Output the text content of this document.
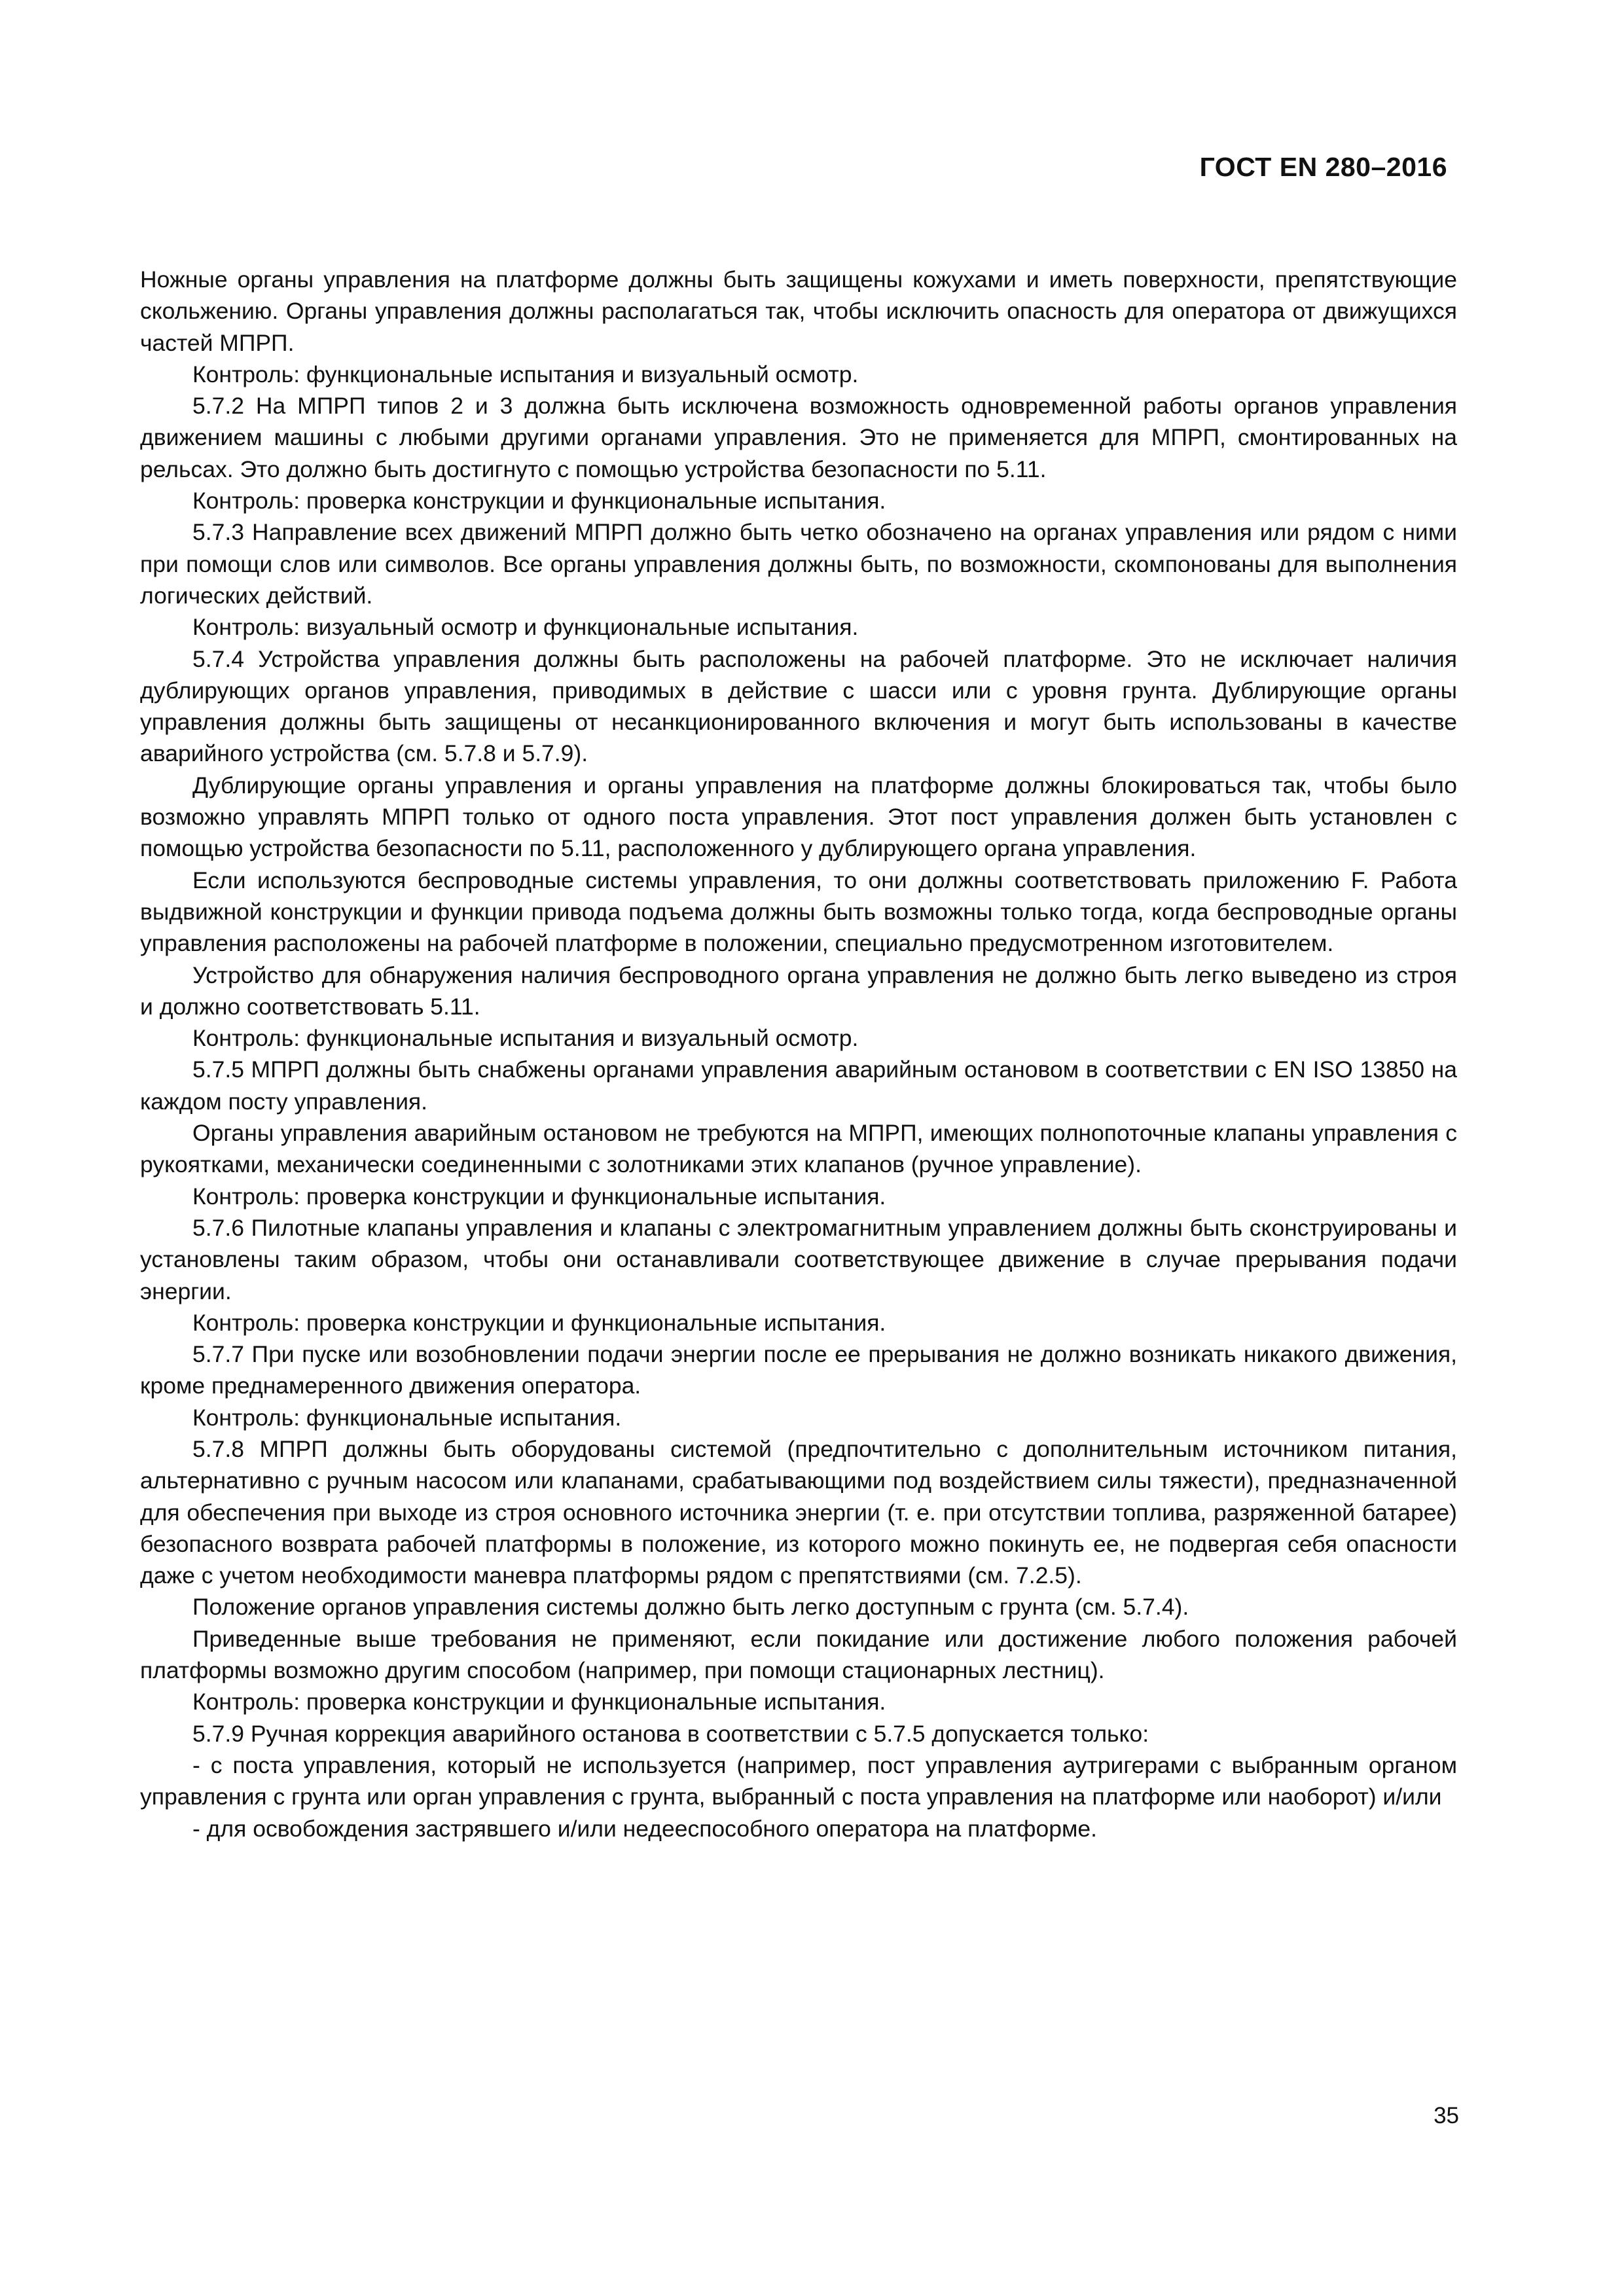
ГОСТ EN 280–2016

Ножные органы управления на платформе должны быть защищены кожухами и иметь поверхности, препятствующие скольжению. Органы управления должны располагаться так, чтобы исключить опасность для оператора от движущихся частей МПРП.

Контроль: функциональные испытания и визуальный осмотр.

5.7.2 На МПРП типов 2 и 3 должна быть исключена возможность одновременной работы органов управления движением машины с любыми другими органами управления. Это не применяется для МПРП, смонтированных на рельсах. Это должно быть достигнуто с помощью устройства безопасности по 5.11.

Контроль: проверка конструкции и функциональные испытания.

5.7.3 Направление всех движений МПРП должно быть четко обозначено на органах управления или рядом с ними при помощи слов или символов. Все органы управления должны быть, по возможности, скомпонованы для выполнения логических действий.

Контроль: визуальный осмотр и функциональные испытания.

5.7.4 Устройства управления должны быть расположены на рабочей платформе. Это не исключает наличия дублирующих органов управления, приводимых в действие с шасси или с уровня грунта. Дублирующие органы управления должны быть защищены от несанкционированного включения и могут быть использованы в качестве аварийного устройства (см. 5.7.8 и 5.7.9).

Дублирующие органы управления и органы управления на платформе должны блокироваться так, чтобы было возможно управлять МПРП только от одного поста управления. Этот пост управления должен быть установлен с помощью устройства безопасности по 5.11, расположенного у дублирующего органа управления.

Если используются беспроводные системы управления, то они должны соответствовать приложению F. Работа выдвижной конструкции и функции привода подъема должны быть возможны только тогда, когда беспроводные органы управления расположены на рабочей платформе в положении, специально предусмотренном изготовителем.

Устройство для обнаружения наличия беспроводного органа управления не должно быть легко выведено из строя и должно соответствовать 5.11.

Контроль: функциональные испытания и визуальный осмотр.

5.7.5 МПРП должны быть снабжены органами управления аварийным остановом в соответствии с EN ISO 13850 на каждом посту управления.

Органы управления аварийным остановом не требуются на МПРП, имеющих полнопоточные клапаны управления с рукоятками, механически соединенными с золотниками этих клапанов (ручное управление).

Контроль: проверка конструкции и функциональные испытания.

5.7.6 Пилотные клапаны управления и клапаны с электромагнитным управлением должны быть сконструированы и установлены таким образом, чтобы они останавливали соответствующее движение в случае прерывания подачи энергии.

Контроль: проверка конструкции и функциональные испытания.

5.7.7 При пуске или возобновлении подачи энергии после ее прерывания не должно возникать никакого движения, кроме преднамеренного движения оператора.

Контроль: функциональные испытания.

5.7.8 МПРП должны быть оборудованы системой (предпочтительно с дополнительным источником питания, альтернативно с ручным насосом или клапанами, срабатывающими под воздействием силы тяжести), предназначенной для обеспечения при выходе из строя основного источника энергии (т. е. при отсутствии топлива, разряженной батарее) безопасного возврата рабочей платформы в положение, из которого можно покинуть ее, не подвергая себя опасности даже с учетом необходимости маневра платформы рядом с препятствиями (см. 7.2.5).

Положение органов управления системы должно быть легко доступным с грунта (см. 5.7.4).

Приведенные выше требования не применяют, если покидание или достижение любого положения рабочей платформы возможно другим способом (например, при помощи стационарных лестниц).

Контроль: проверка конструкции и функциональные испытания.

5.7.9 Ручная коррекция аварийного останова в соответствии с 5.7.5 допускается только:

- с поста управления, который не используется (например, пост управления аутригерами с выбранным органом управления с грунта или орган управления с грунта, выбранный с поста управления на платформе или наоборот) и/или

- для освобождения застрявшего и/или недееспособного оператора на платформе.

35
